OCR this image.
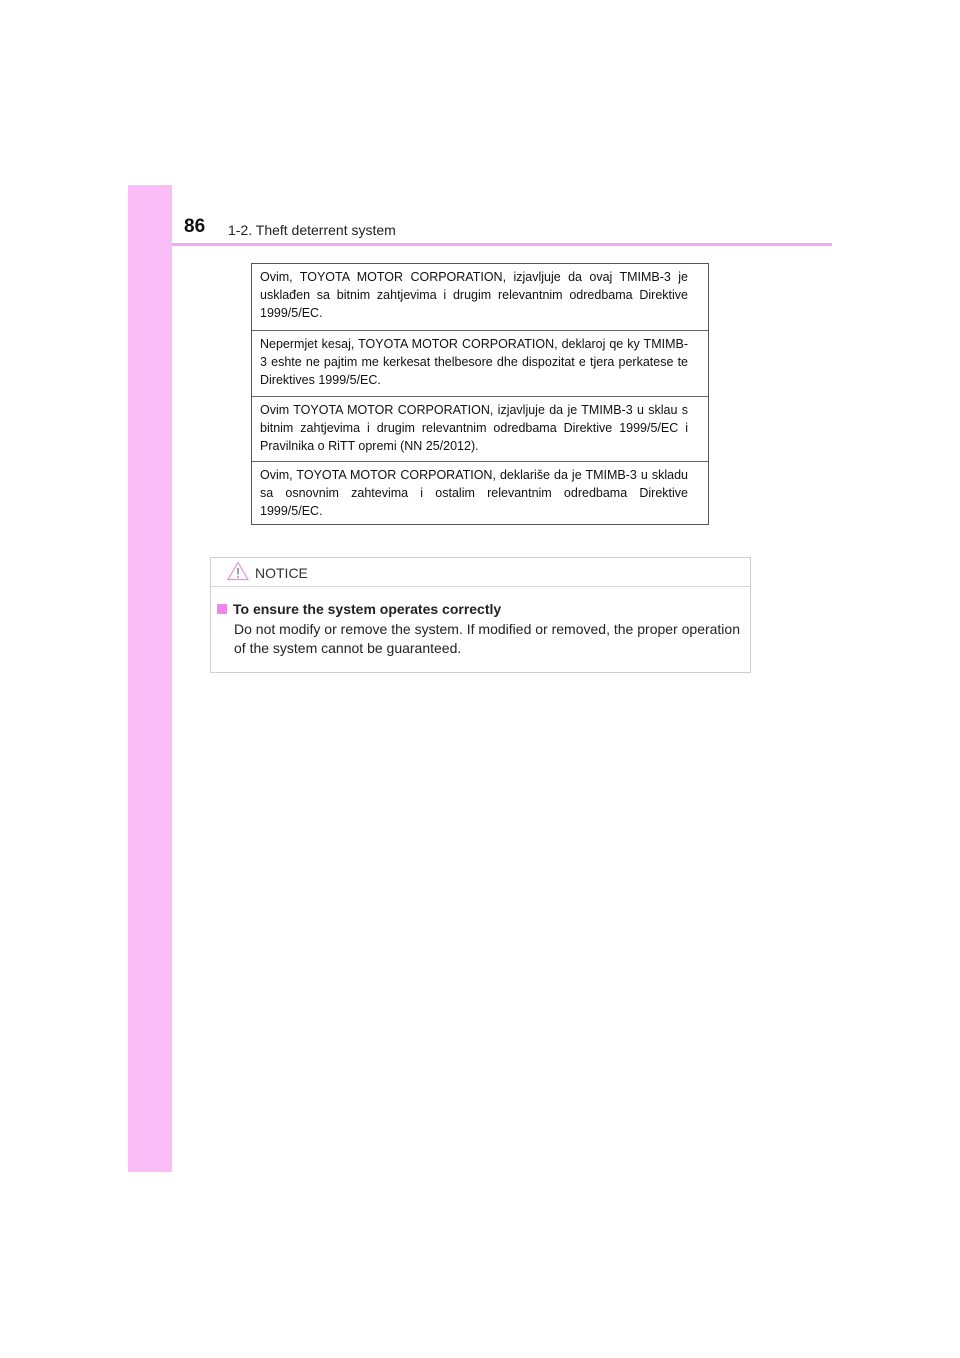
86 1-2. Theft deterrent system
Ovim, TOYOTA MOTOR CORPORATION, izjavljuje da ovaj TMIMB-3 je usklađen sa bitnim zahtjevima i drugim relevantnim odredbama Direktive 1999/5/EC.
Nepermjet kesaj, TOYOTA MOTOR CORPORATION, deklaroj qe ky TMIMB-3 eshte ne pajtim me kerkesat thelbesore dhe dispozitat e tjera perkatese te Direktives 1999/5/EC.
Ovim TOYOTA MOTOR CORPORATION, izjavljuje da je TMIMB-3 u sklau s bitnim zahtjevima i drugim relevantnim odredbama Direktive 1999/5/EC i Pravilnika o RiTT opremi (NN 25/2012).
Ovim, TOYOTA MOTOR CORPORATION, deklariše da je TMIMB-3 u skladu sa osnovnim zahtevima i ostalim relevantnim odredbama Direktive 1999/5/EC.
NOTICE
To ensure the system operates correctly
Do not modify or remove the system. If modified or removed, the proper operation of the system cannot be guaranteed.
